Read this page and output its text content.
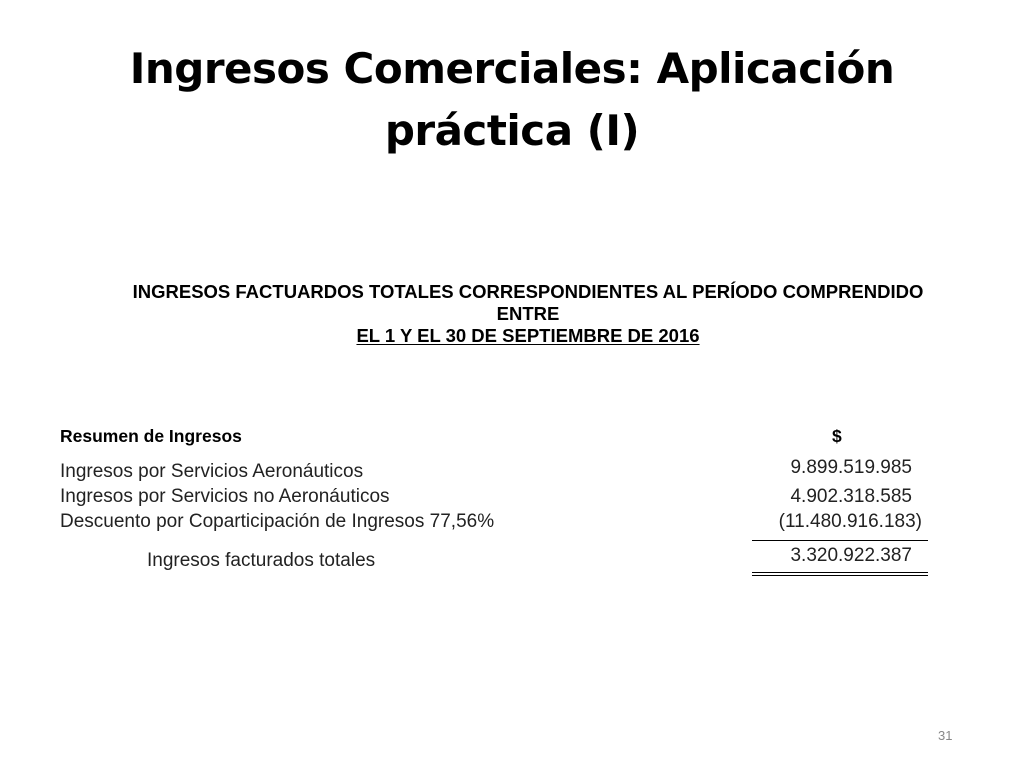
Ingresos Comerciales: Aplicación
práctica (I)
INGRESOS FACTUARDOS TOTALES CORRESPONDIENTES AL PERÍODO COMPRENDIDO
ENTRE
EL 1 Y EL 30 DE SEPTIEMBRE DE 2016
Resumen de Ingresos	$
Ingresos por Servicios Aeronáuticos	9.899.519.985
Ingresos por Servicios no Aeronáuticos	4.902.318.585
Descuento por Coparticipación de Ingresos 77,56%	(11.480.916.183)
Ingresos facturados totales	3.320.922.387
31
